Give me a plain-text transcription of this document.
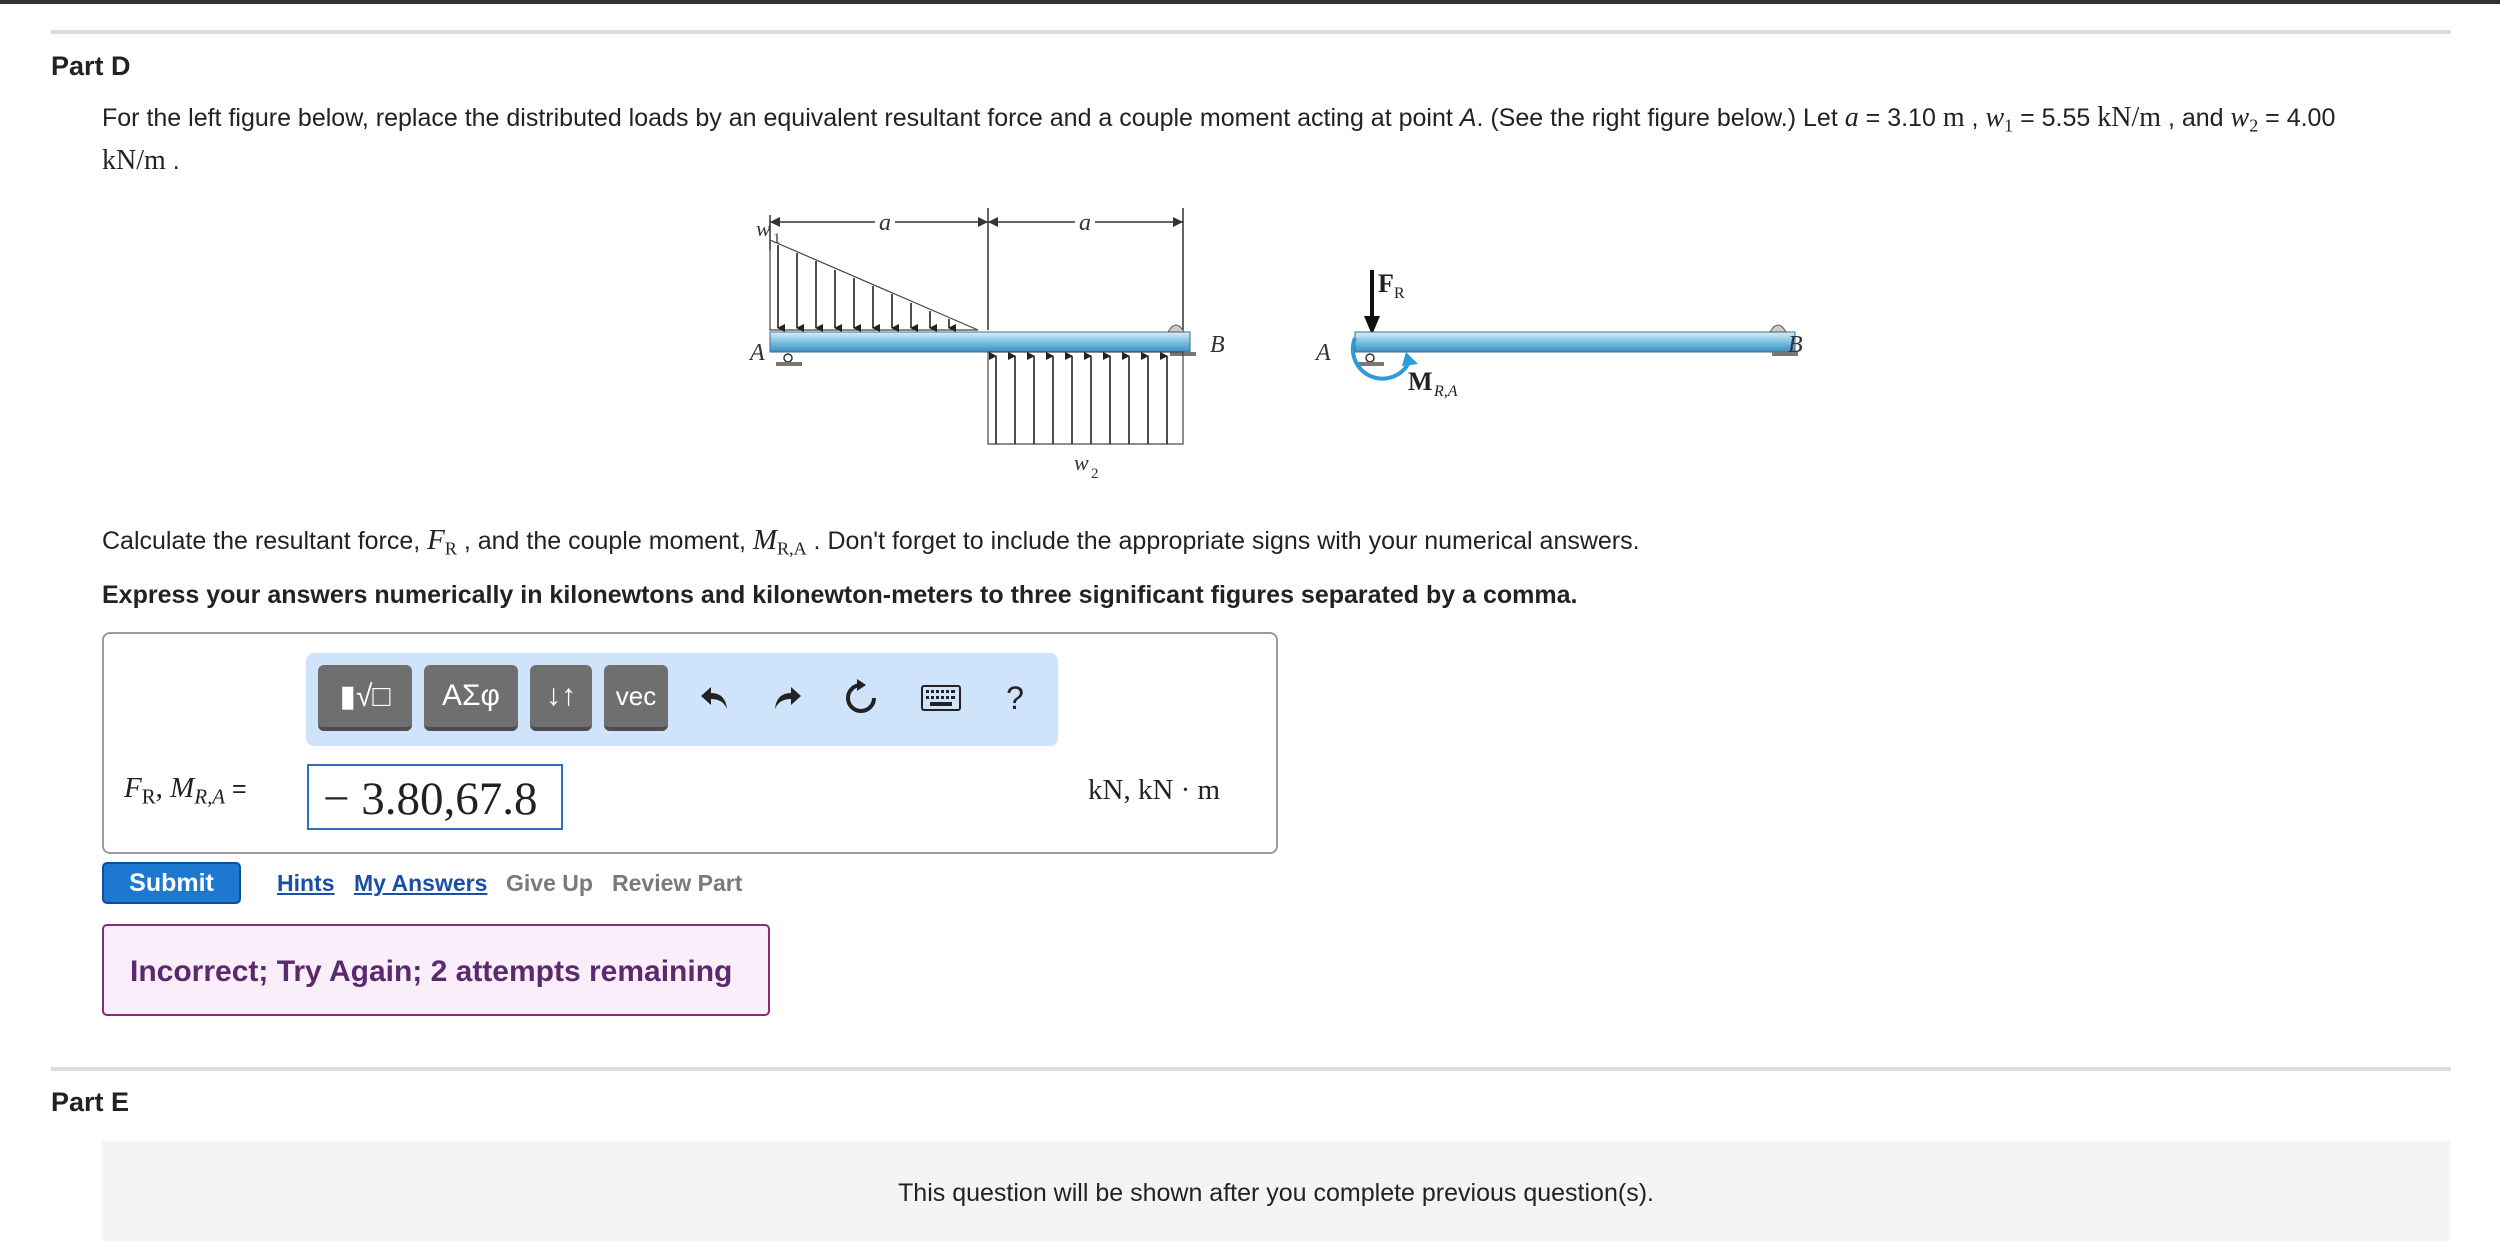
Part D
For the left figure below, replace the distributed loads by an equivalent resultant force and a couple moment acting at point A. (See the right figure below.) Let a = 3.10 m , $w_1 = 5.55$ kN/m , and $w_2 = 4.00$
kN/m .
a	a
w 1
A	B
w 2
F R
A	B
M R,A
Calculate the resultant force, $F_R$ , and the couple moment, $M_{R,A}$ . Don't forget to include the appropriate signs with your numerical answers.
Express your answers numerically in kilonewtons and kilonewton-meters to three significant figures separated by a comma.
▮√□	ΑΣφ	↓↑	vec	?
$F_R$, $M_{R,A}$ =	− 3.80,67.8	kN, kN · m
Submit	Hints My Answers Give Up Review Part
Incorrect; Try Again; 2 attempts remaining
Part E
This question will be shown after you complete previous question(s).
